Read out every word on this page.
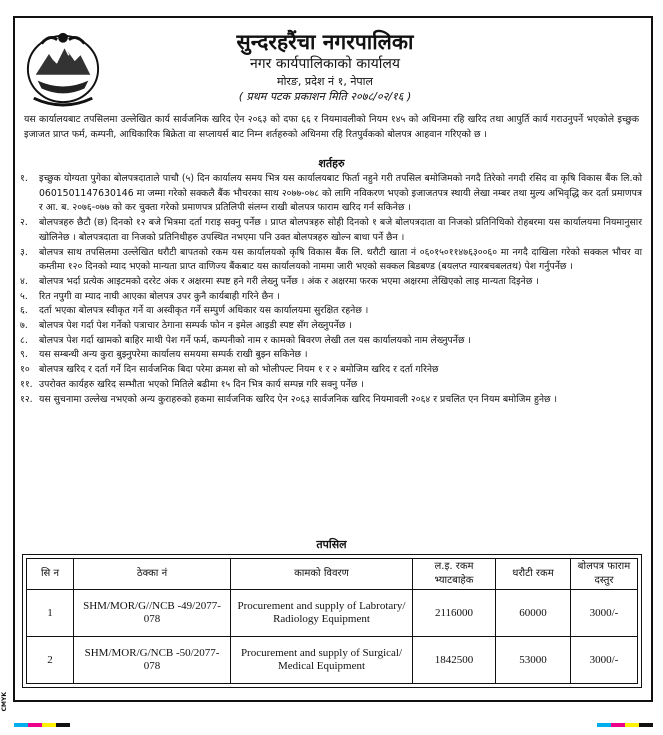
सुन्दरहरैंचा नगरपालिका
नगर कार्यपालिकाको कार्यालय
मोरङ, प्रदेश नं १, नेपाल
( प्रथम पटक प्रकाशन मिति २०७८/०२/१६ )
यस कार्यालयबाट तपसिलमा उल्लेखित कार्य सार्वजनिक खरिद ऐन २०६३ को दफा ६६ र नियमावलीको नियम १४५ को अधिनमा रहि खरिद तथा आपुर्ति कार्य गराउनुपर्ने भएकोले इच्छुक इजाजत प्राप्त फर्म, कम्पनी, आधिकारिक बिक्रेता वा सप्लायर्स बाट निम्न शर्तहरुको अधिनमा रहि रितपुर्वकको बोलपत्र आहवान गरिएको छ ।
शर्तहरु
१.	इच्छुक योग्यता पुगेका बोलपत्रदाताले पाचौ (५) दिन कार्यालय समय भित्र यस कार्यालयबाट फिर्ता नहुने गरी तपसिल बमोजिमको नगदै तिरेको नगदी रसिद वा कृषि विकास बैंक लि.को 0601501147630146 मा जम्मा गरेको सक्कलै बैंक भौचरका साथ २०७७-०७८ को लागि नविकरण भएको इजाजतपत्र स्थायी लेखा नम्बर तथा मुल्य अभिवृद्धि कर दर्ता प्रमाणपत्र र आ. ब. २०७६-०७७ को कर चुक्ता गरेको प्रमाणपत्र प्रतिलिपी संलग्न राखी बोलपत्र फाराम खरिद गर्न सकिनेछ ।
२.	बोलपत्रहरु छैटौ (छ) दिनको १२ बजे भित्रमा दर्ता गराइ सक्नु पर्नेछ । प्राप्त बोलपत्रहरु सोही दिनको १ बजे बोलपत्रदाता वा निजको प्रतिनिधिको रोहबरमा यस कार्यालयमा नियमानुसार खोलिनेछ । बोलपत्रदाता वा निजको प्रतिनिधीहरु उपस्थित नभएमा पनि उक्त बोलपत्रहरु खोल्न बाधा पर्ने छैन ।
३.	बोलपत्र साथ तपसिलमा उल्लेखित धरौटी बापतको रकम यस कार्यालयको कृषि विकास बैंक लि. धरौटी खाता नं ०६०१५०११४७६३००६० मा नगदै दाखिला गरेको सक्कल भौचर वा कम्तीमा १२० दिनको म्याद भएको मान्यता प्राप्त वाणिज्य बैंकबाट यस कार्यालयको नाममा जारी भएको सक्कल बिडबण्ड (बयलप्त ग्यारबचबलतथ) पेश गर्नुपर्नेछ ।
४.	बोलपत्र भर्दा प्रत्येक आइटमको दररेट अंक र अक्षरमा स्पष्ट हने गरी लेख्नु पर्नेछ । अंक र अक्षरमा फरक भएमा अक्षरमा लेखिएको लाइ मान्यता दिइनेछ ।
५.	रित नपुगी वा म्याद नाघी आएका बोलपत्र उपर कुनै कार्यबाही गरिने छैन ।
६.	दर्ता भएका बोलपत्र स्वीकृत गर्ने वा अस्वीकृत गर्ने सम्पुर्ण अधिकार यस कार्यालयमा सुरक्षित रहनेछ ।
७.	बोलपत्र पेश गर्दा पेश गर्नेको पत्राचार ठेगाना सम्पर्क फोन न इमेल आइडी स्पष्ट सँग लेख्नुपर्नेछ ।
८.	बोलपत्र पेश गर्दा खामको बाहिर माथी पेश गर्ने फर्म, कम्पनीको नाम र कामको बिवरण लेखी तल यस कार्यालयको नाम लेख्नुपर्नेछ ।
९.	यस सम्बन्धी अन्य कुरा बुझ्नुपरेमा कार्यालय समयमा सम्पर्क राखी बुझ्न सकिनेछ ।
१०	बोलपत्र खरिद र दर्ता गर्ने दिन सार्वजनिक बिदा परेमा क्रमश सो को भोलीपल्ट नियम १ र २ बमोजिम खरिद र दर्ता गरिनेछ
११. उपरोक्त कार्यहरु खरिद सम्भौता भएको मितिले बढीमा १५ दिन भित्र कार्य सम्पन्न गरि सक्नु पर्नेछ ।
१२. यस सुचनामा उल्लेख नभएको अन्य कुराहरुको हकमा सार्वजनिक खरिद ऐन २०६३ सार्वजनिक खरिद नियमावली २०६४ र प्रचलित एन नियम बमोजिम हुनेछ ।
तपसिल
सि न	ठेक्का नं	कामको विवरण	ल.इ. रकम भ्याटबाहेक	धरौटी रकम	बोलपत्र फाराम दस्तुर
1	SHM/MOR/G//NCB -49/2077-078	Procurement and supply of Labrotary/ Radiology Equipment	2116000	60000	3000/-
2	SHM/MOR/G/NCB -50/2077-078	Procurement and supply of Surgical/ Medical Equipment	1842500	53000	3000/-
CMYK
